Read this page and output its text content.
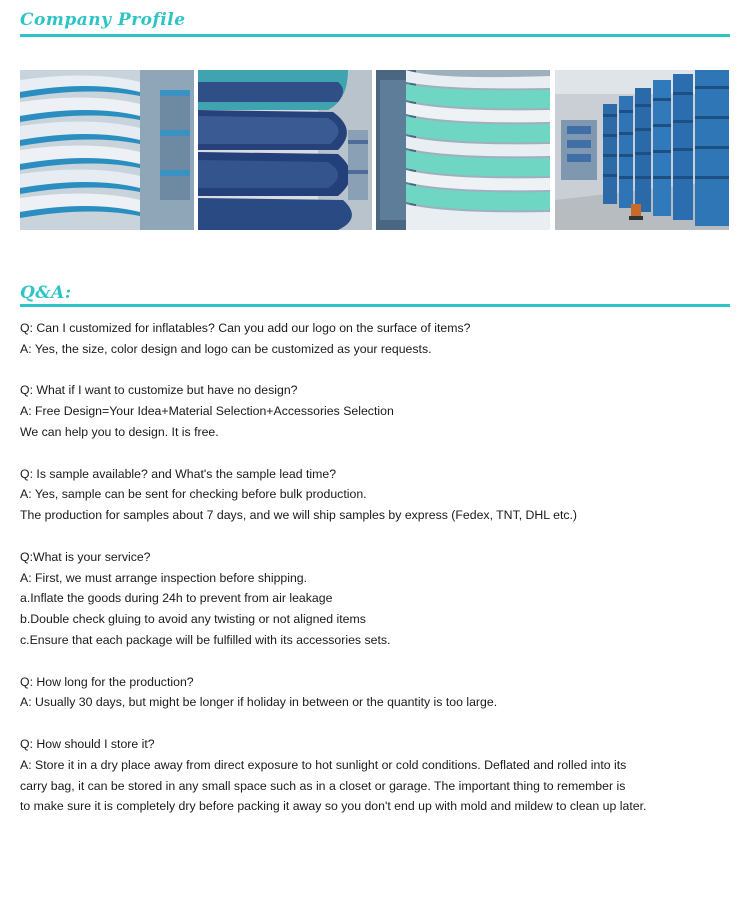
Company Profile
Q&A:

Q: Can I customized for inflatables? Can you add our logo on the surface of items?
A: Yes, the size, color design and logo can be customized as your requests.

Q: What if I want to customize but have no design?
A: Free Design=Your Idea+Material Selection+Accessories Selection
We can help you to design. It is free.

Q: Is sample available? and What's the sample lead time?
A: Yes, sample can be sent for checking before bulk production.
The production for samples about 7 days, and we will ship samples by express (Fedex, TNT, DHL etc.)

Q:What is your service?
A: First, we must arrange inspection before shipping.
a.Inflate the goods during 24h to prevent from air leakage
b.Double check gluing to avoid any twisting or not aligned items
c.Ensure that each package will be fulfilled with its accessories sets.

Q: How long for the production?
A: Usually 30 days, but might be longer if holiday in between or the quantity is too large.

Q: How should I store it?
A: Store it in a dry place away from direct exposure to hot sunlight or cold conditions. Deflated and rolled into its
carry bag, it can be stored in any small space such as in a closet or garage. The important thing to remember is
to make sure it is completely dry before packing it away so you don't end up with mold and mildew to clean up later.
